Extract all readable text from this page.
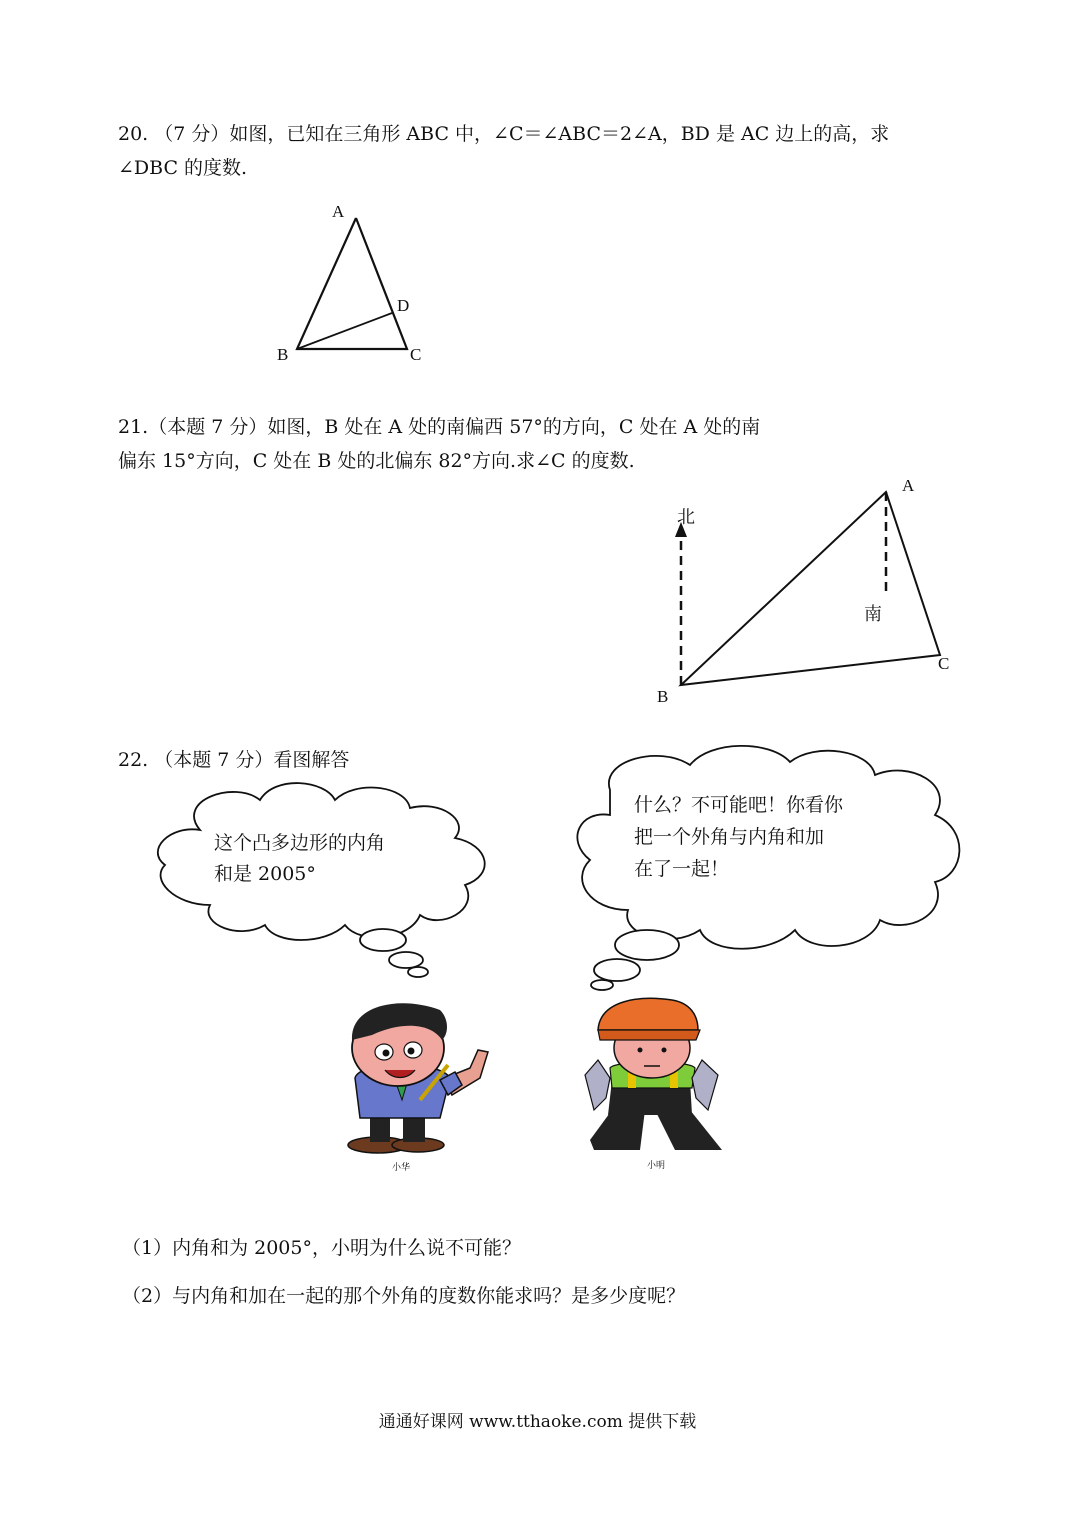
20. （7 分）如图，已知在三角形 ABC 中，∠C＝∠ABC＝2∠A，BD 是 AC 边上的高，求
∠DBC 的度数.
A
D
B	C
21.（本题 7 分）如图，B 处在 A 处的南偏西 57°的方向，C 处在 A 处的南
偏东 15°方向，C 处在 B 处的北偏东 82°方向.求∠C 的度数.
北
南
A
B
C
22. （本题 7 分）看图解答
这个凸多边形的内角
和是 2005°
什么？不可能吧！你看你
把一个外角与内角和加
在了一起！
小华	小明
（1）内角和为 2005°，小明为什么说不可能？
（2）与内角和加在一起的那个外角的度数你能求吗？是多少度呢？
通通好课网 www.tthaoke.com 提供下载
